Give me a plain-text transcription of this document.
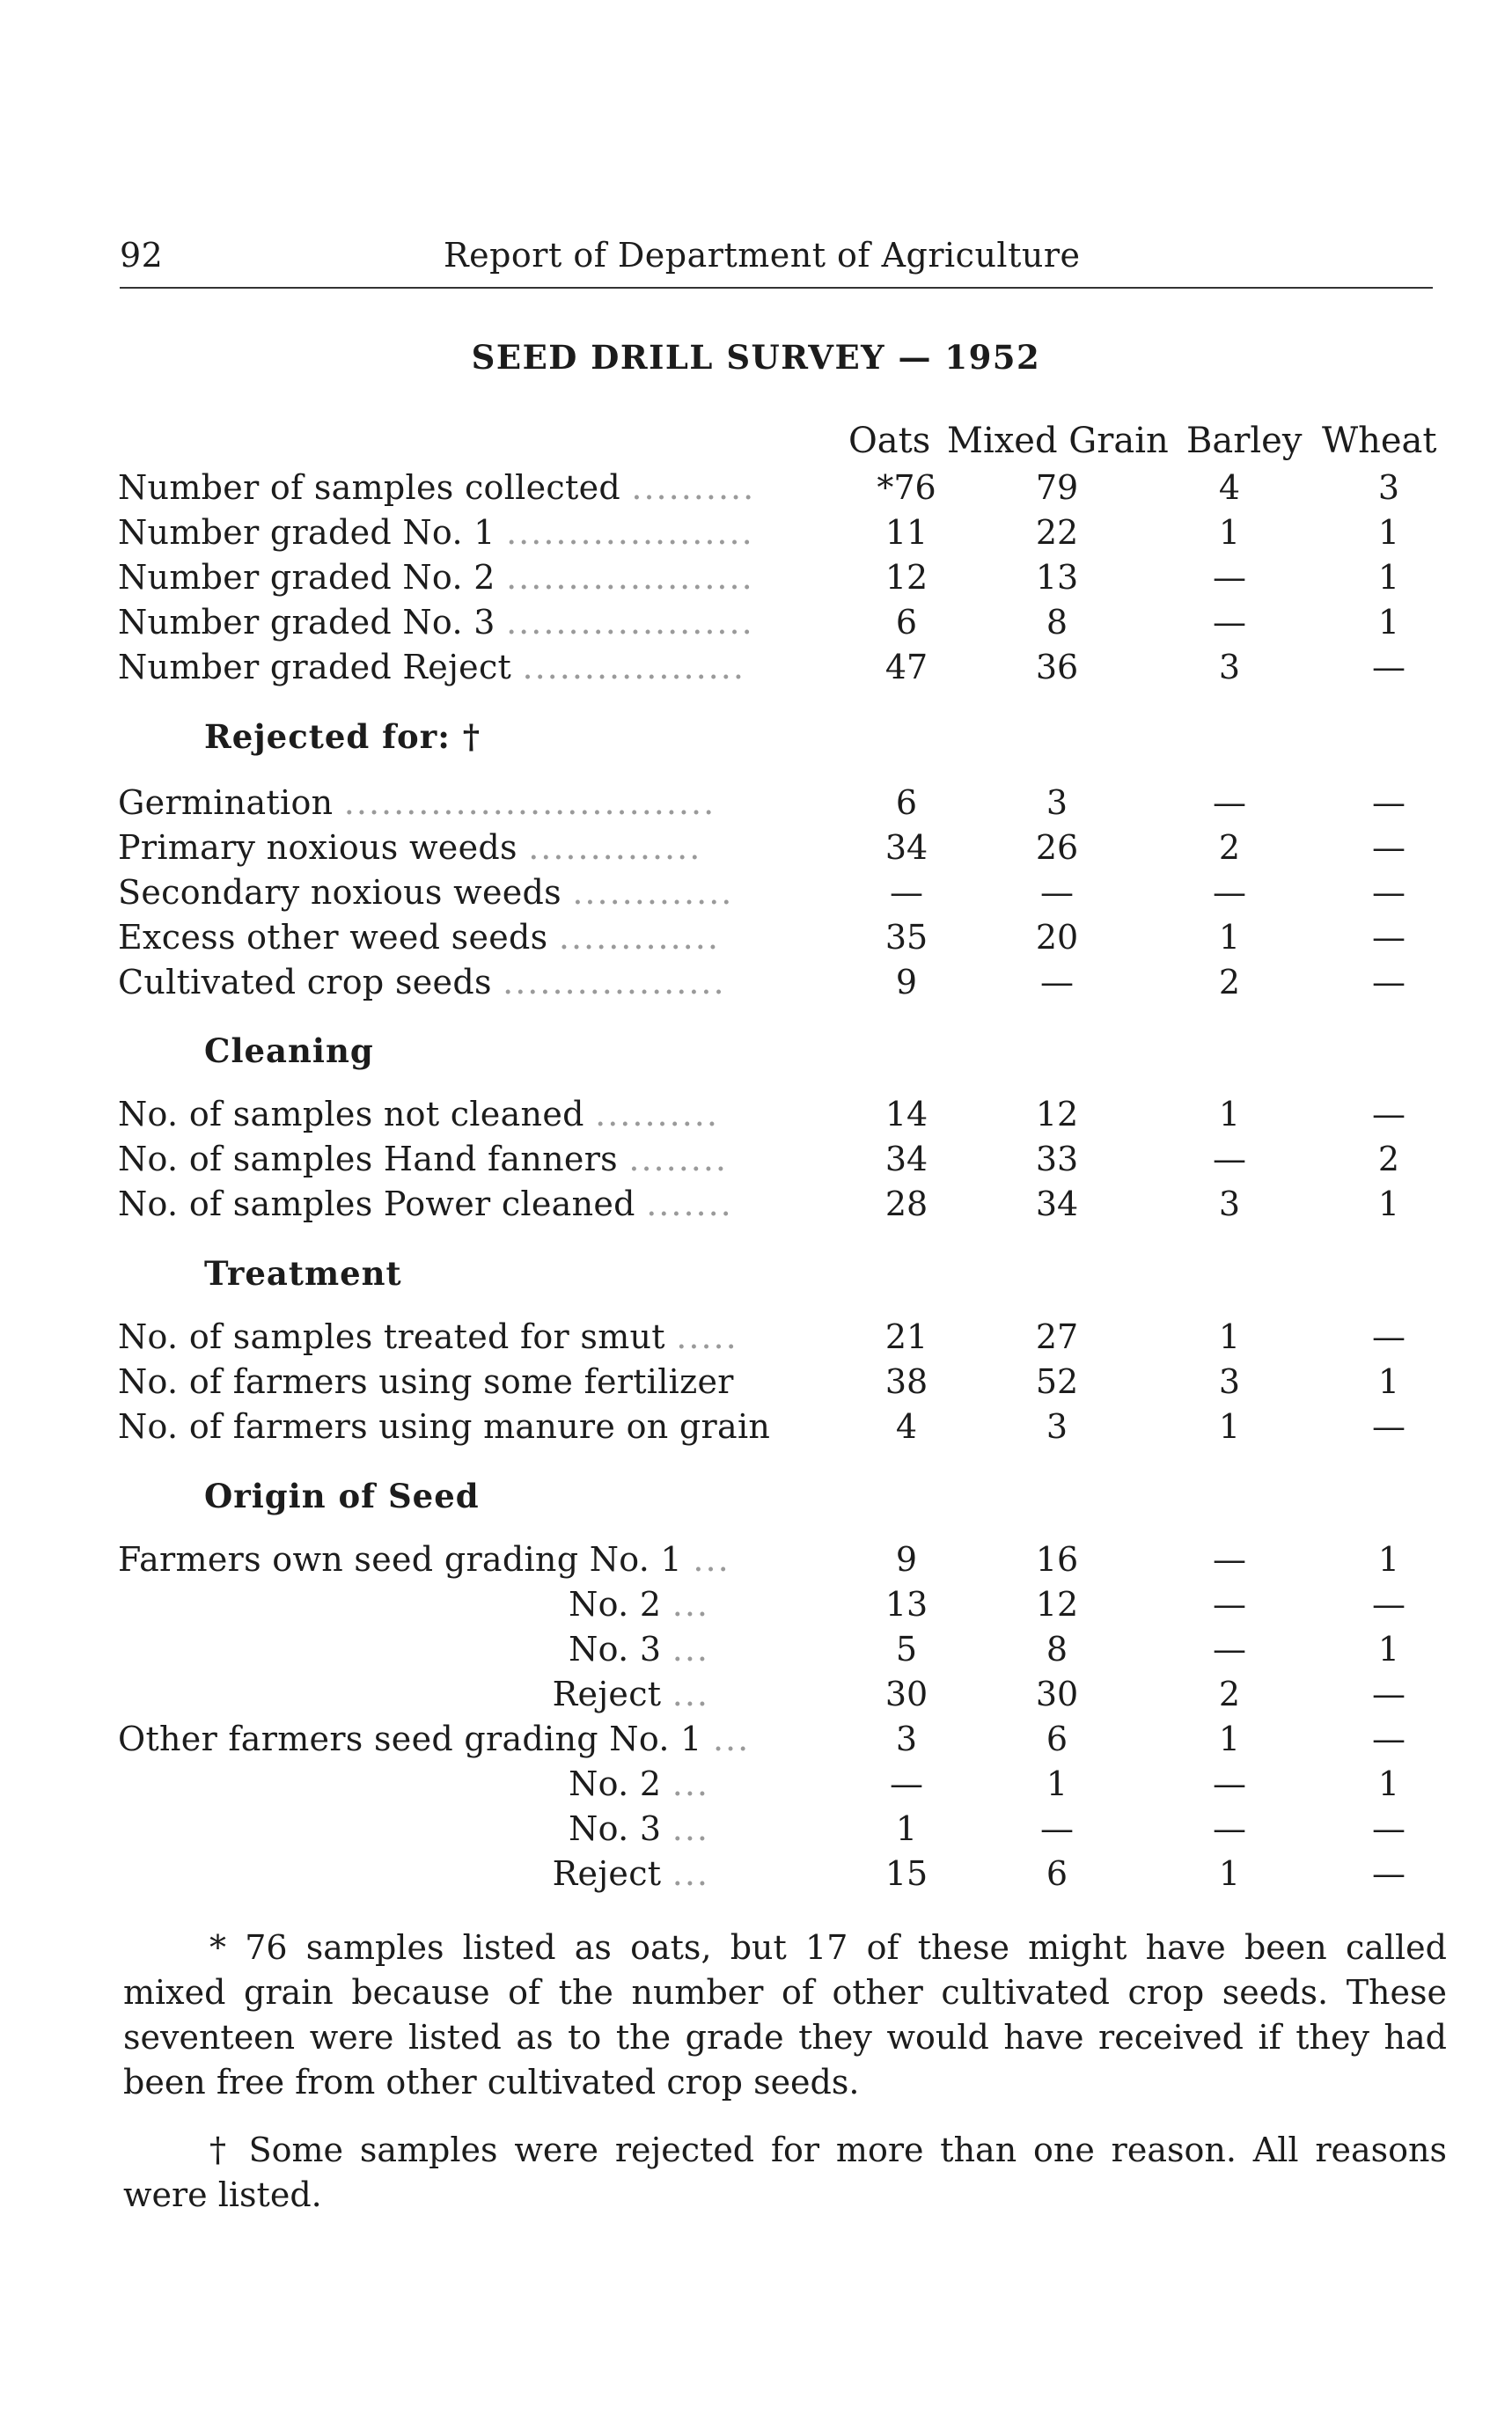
92	Report of Department of Agriculture
SEED DRILL SURVEY — 1952
Oats Mixed Grain Barley Wheat
Number of samples collected ..........	*76	79	4	3
Number graded No. 1 ....................	11	22	1	1
Number graded No. 2 ....................	12	13	—	1
Number graded No. 3 ....................	6	8	—	1
Number graded Reject ..................	47	36	3	—
Rejected for: †
Germination ..............................	6	3	—	—
Primary noxious weeds ..............	34	26	2	—
Secondary noxious weeds .............	—	—	—	—
Excess other weed seeds .............	35	20	1	—
Cultivated crop seeds ..................	9	—	2	—
Cleaning
No. of samples not cleaned ..........	14	12	1	—
No. of samples Hand fanners ........	34	33	—	2
No. of samples Power cleaned .......	28	34	3	1
Treatment
No. of samples treated for smut .....	21	27	1	—
No. of farmers using some fertilizer	38	52	3	1
No. of farmers using manure on grain	4	3	1	—
Origin of Seed
Farmers own seed grading No. 1 ...	9	16	—	1
No. 2 ...	13	12	—	—
No. 3 ...	5	8	—	1
Reject ...	30	30	2	—
Other farmers seed grading No. 1 ...	3	6	1	—
No. 2 ...	—	1	—	1
No. 3 ...	1	—	—	—
Reject ...	15	6	1	—

* 76 samples listed as oats, but 17 of these might have been called mixed grain because of the number of other cultivated crop seeds. These seventeen were listed as to the grade they would have received if they had been free from other cultivated crop seeds.

† Some samples were rejected for more than one reason. All reasons were listed.
